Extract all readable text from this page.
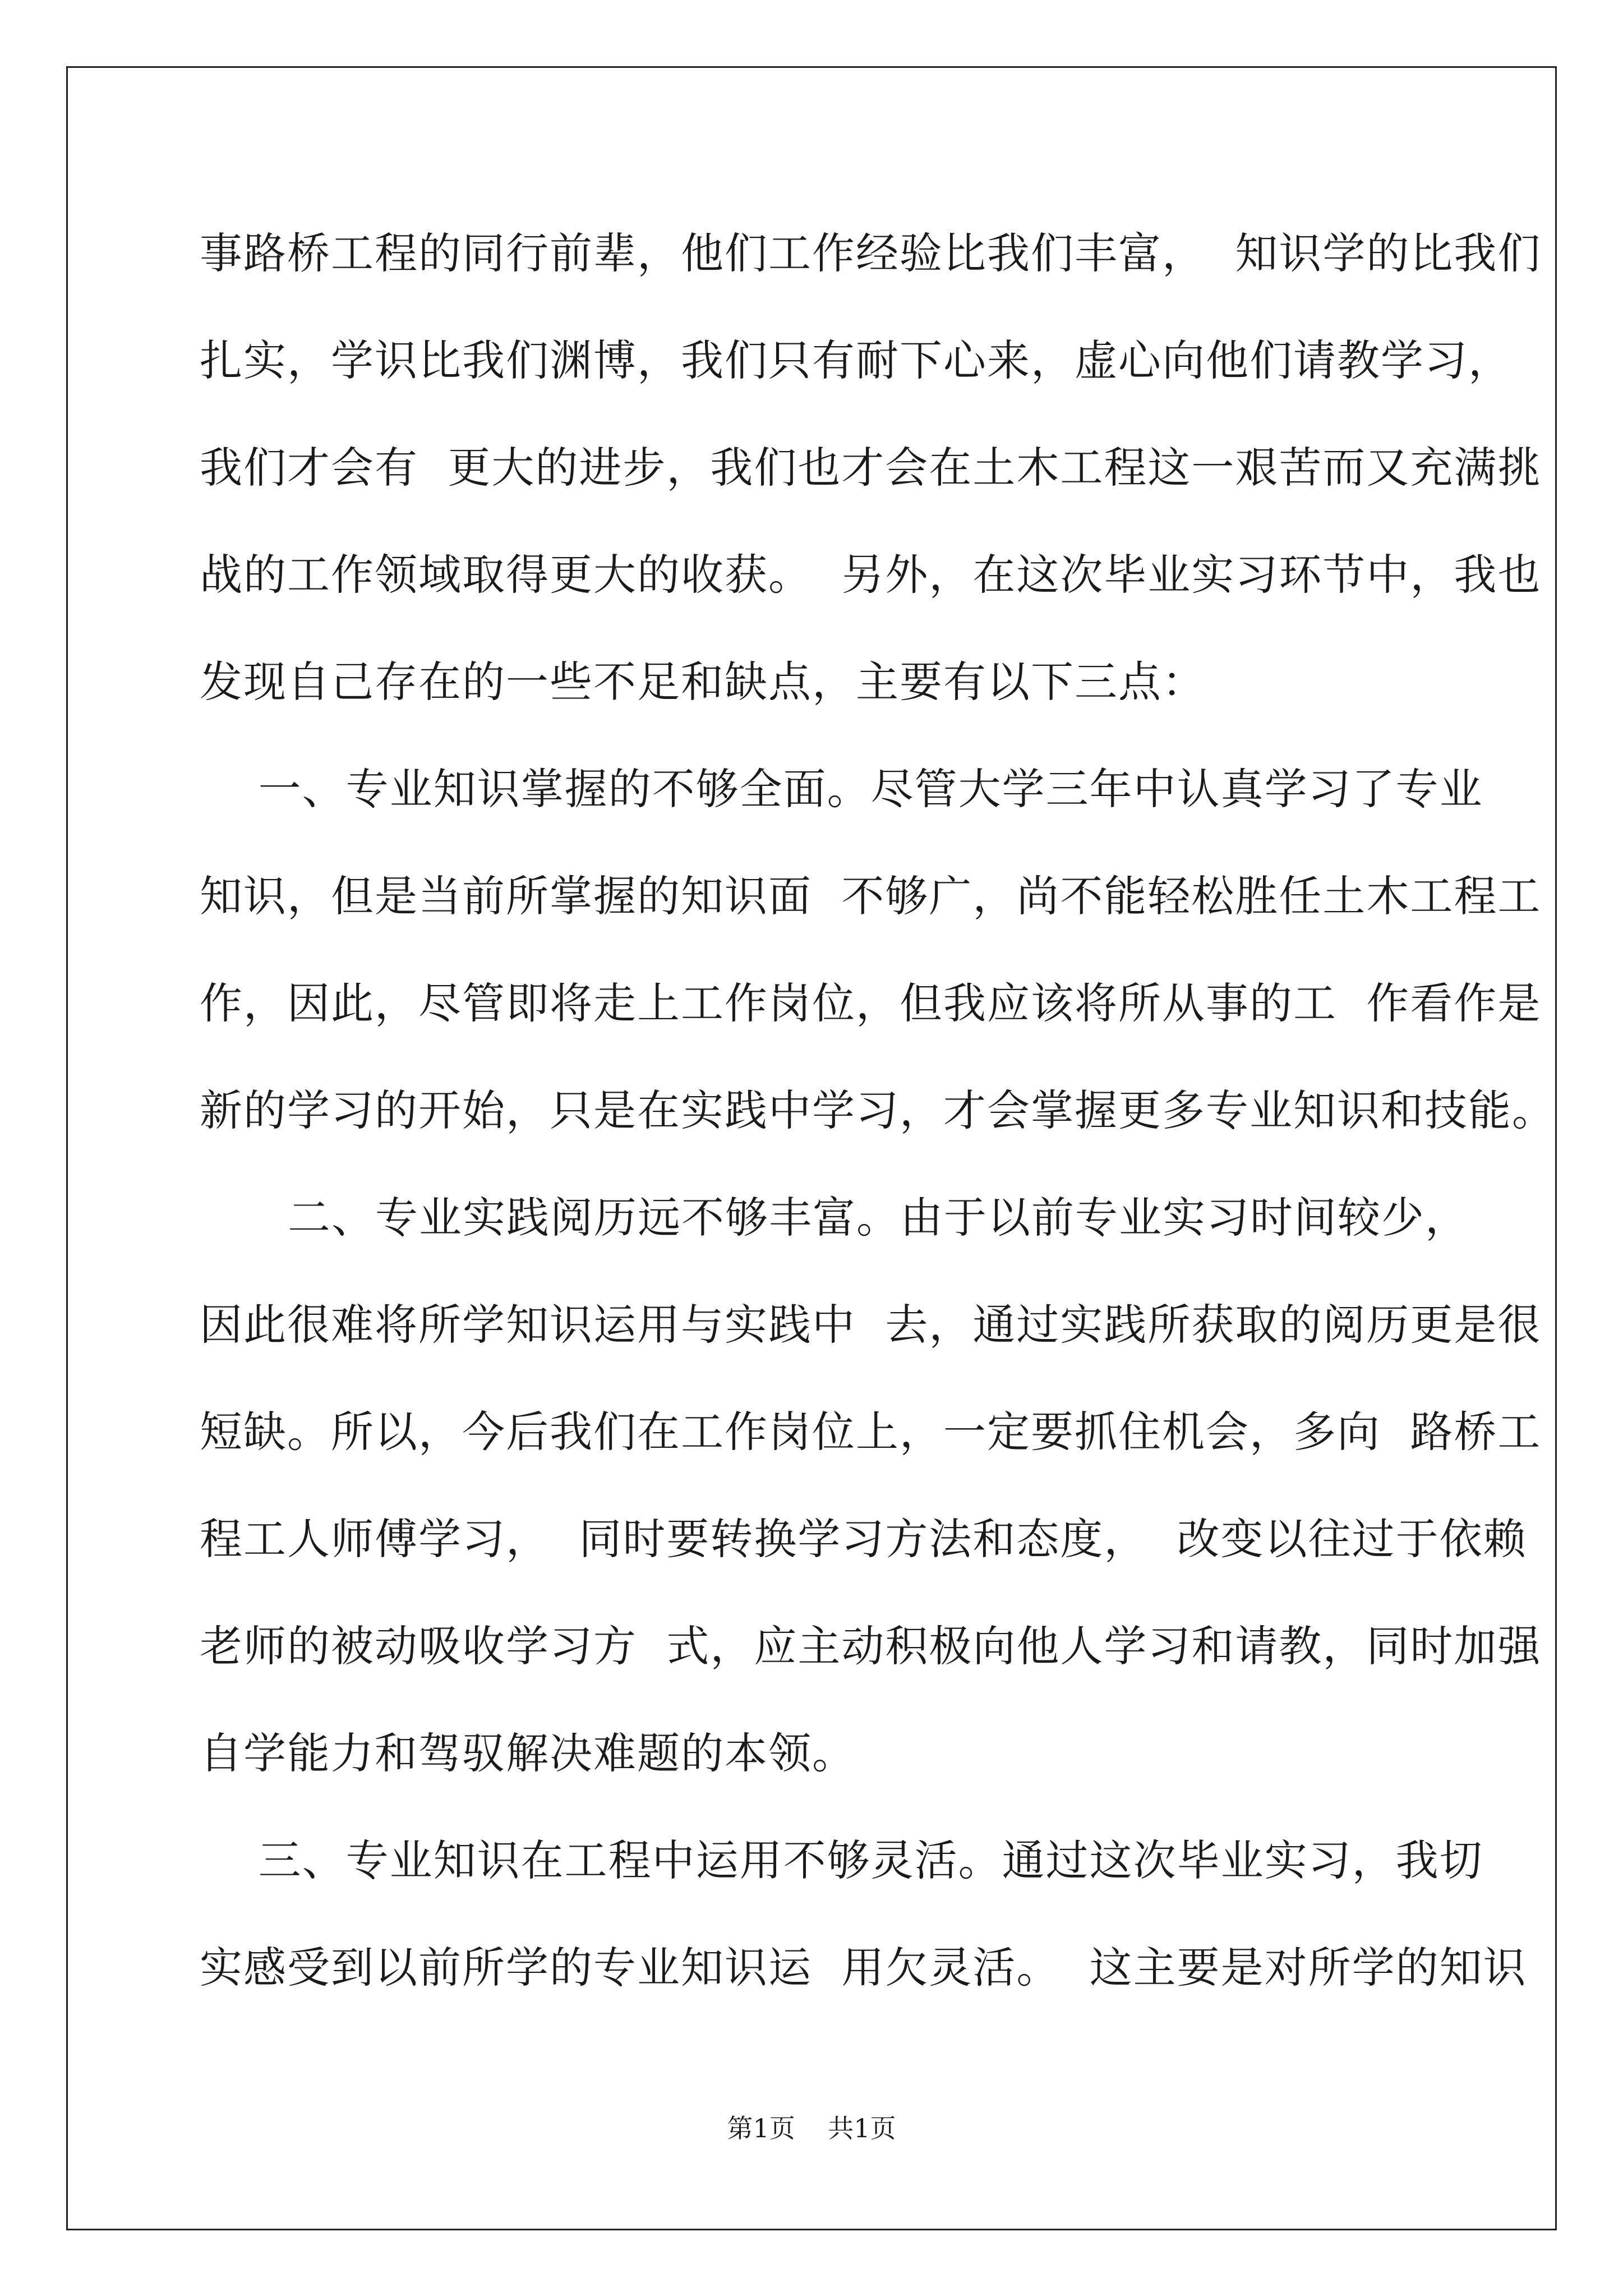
事路桥工程的同行前辈，他们工作经验比我们丰富，  知识学的比我们
扎实，学识比我们渊博，我们只有耐下心来，虚心向他们请教学习，
我们才会有  更大的进步，我们也才会在土木工程这一艰苦而又充满挑
战的工作领域取得更大的收获。  另外，在这次毕业实习环节中，我也
发现自己存在的一些不足和缺点，主要有以下三点：
一、专业知识掌握的不够全面。尽管大学三年中认真学习了专业
知识，但是当前所掌握的知识面  不够广，尚不能轻松胜任土木工程工
作，因此，尽管即将走上工作岗位，但我应该将所从事的工  作看作是
新的学习的开始，只是在实践中学习，才会掌握更多专业知识和技能。
二、专业实践阅历远不够丰富。由于以前专业实习时间较少，
因此很难将所学知识运用与实践中  去，通过实践所获取的阅历更是很
短缺。所以，今后我们在工作岗位上，一定要抓住机会，多向  路桥工
程工人师傅学习，  同时要转换学习方法和态度，  改变以往过于依赖
老师的被动吸收学习方  式，应主动积极向他人学习和请教，同时加强
自学能力和驾驭解决难题的本领。
三、专业知识在工程中运用不够灵活。通过这次毕业实习，我切
实感受到以前所学的专业知识运  用欠灵活。  这主要是对所学的知识
第1页    共1页
